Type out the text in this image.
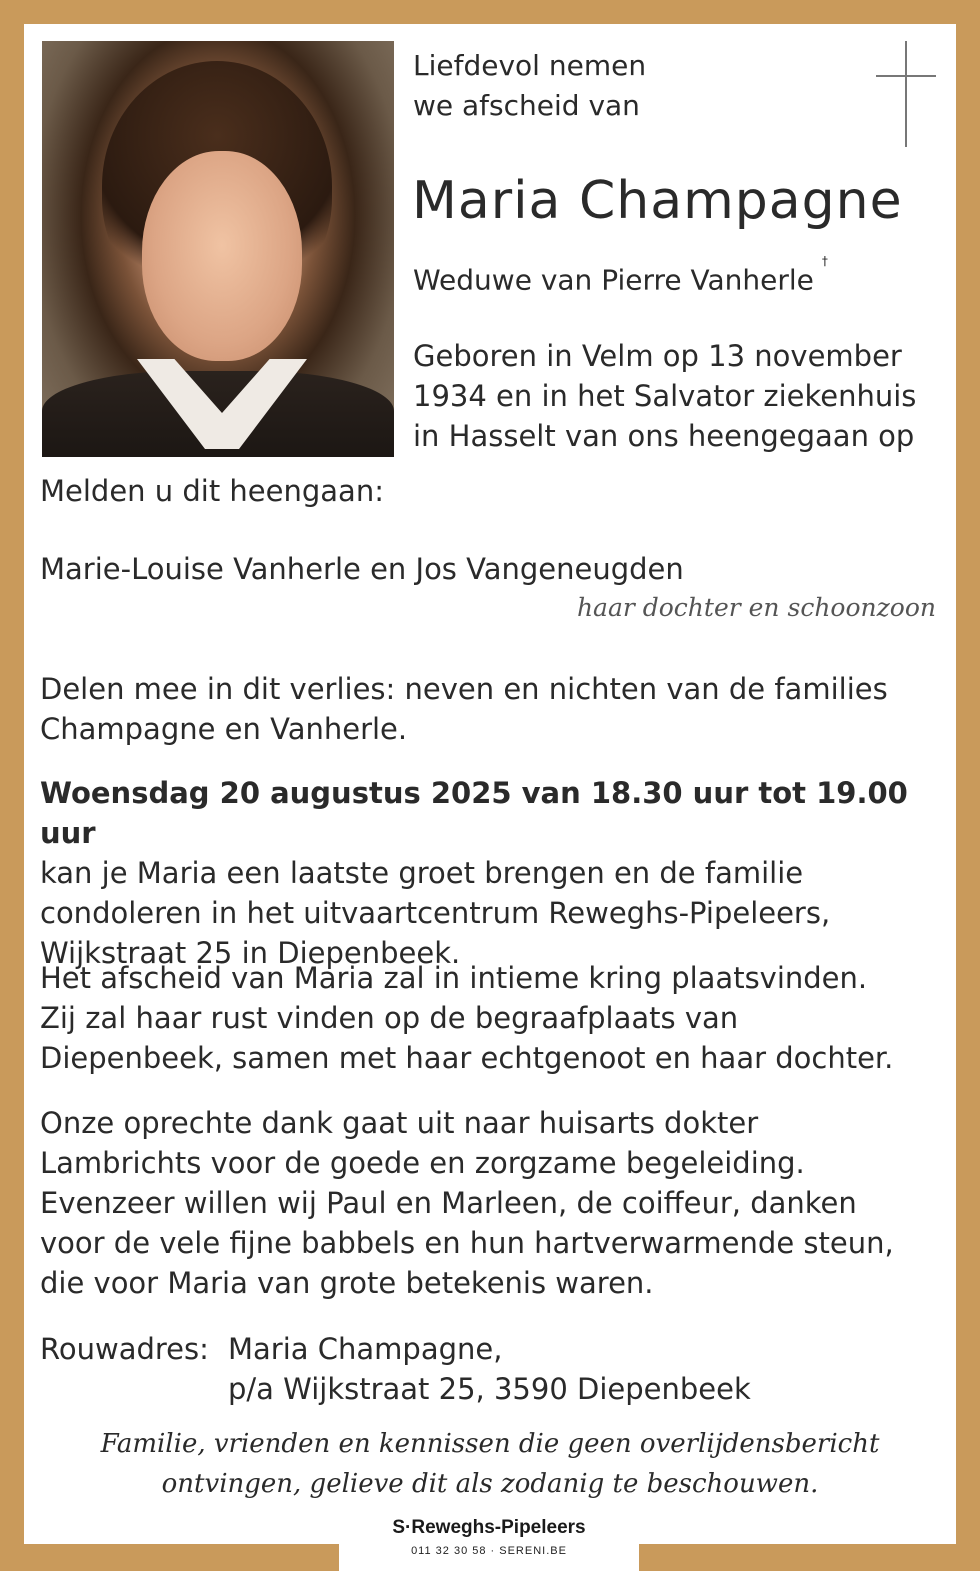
Liefdevol nemen
we afscheid van
Maria Champagne
Weduwe van Pierre Vanherle†
Geboren in Velm op 13 november
1934 en in het Salvator ziekenhuis
in Hasselt van ons heengegaan op
Melden u dit heengaan:
Marie-Louise Vanherle en Jos Vangeneugden
haar dochter en schoonzoon
Delen mee in dit verlies: neven en nichten van de families
Champagne en Vanherle.
Woensdag 20 augustus 2025 van 18.30 uur tot 19.00 uur
kan je Maria een laatste groet brengen en de familie
condoleren in het uitvaartcentrum Reweghs-Pipeleers,
Wijkstraat 25 in Diepenbeek.
Het afscheid van Maria zal in intieme kring plaatsvinden.
Zij zal haar rust vinden op de begraafplaats van
Diepenbeek, samen met haar echtgenoot en haar dochter.
Onze oprechte dank gaat uit naar huisarts dokter
Lambrichts voor de goede en zorgzame begeleiding.
Evenzeer willen wij Paul en Marleen, de coiffeur, danken
voor de vele fijne babbels en hun hartverwarmende steun,
die voor Maria van grote betekenis waren.
Rouwadres: Maria Champagne,
p/a Wijkstraat 25, 3590 Diepenbeek
Familie, vrienden en kennissen die geen overlijdensbericht
ontvingen, gelieve dit als zodanig te beschouwen.
S·Reweghs-Pipeleers
011 32 30 58 · SERENI.BE
